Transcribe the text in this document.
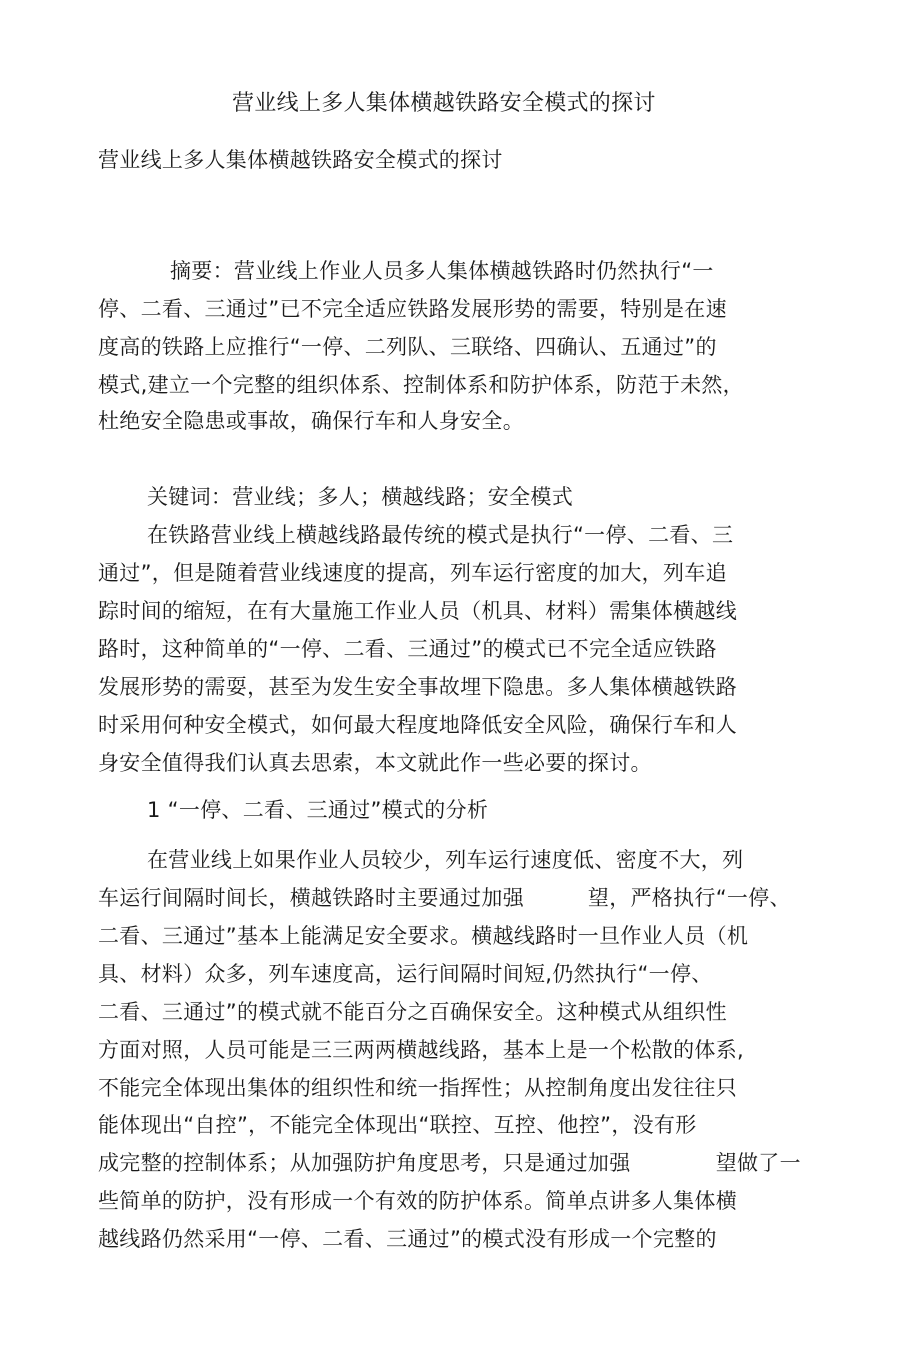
营业线上多人集体横越铁路安全模式的探讨
营业线上多人集体横越铁路安全模式的探讨
摘要：营业线上作业人员多人集体横越铁路时仍然执行“一
停、二看、三通过”已不完全适应铁路发展形势的需要，特别是在速
度高的铁路上应推行“一停、二列队、三联络、四确认、五通过”的
模式,建立一个完整的组织体系、控制体系和防护体系，防范于未然，
杜绝安全隐患或事故，确保行车和人身安全。
关键词：营业线；多人；横越线路；安全模式
在铁路营业线上横越线路最传统的模式是执行“一停、二看、三
通过”，但是随着营业线速度的提高，列车运行密度的加大，列车追
踪时间的缩短，在有大量施工作业人员（机具、材料）需集体横越线
路时，这种简单的“一停、二看、三通过”的模式已不完全适应铁路
发展形势的需耍，甚至为发生安全事故埋下隐患。多人集体横越铁路
时采用何种安全模式，如何最大程度地降低安全风险，确保行车和人
身安全值得我们认真去思索，本文就此作一些必要的探讨。
1 “一停、二看、三通过”模式的分析
在营业线上如果作业人员较少，列车运行速度低、密度不大，列
车运行间隔时间长，横越铁路时主要通过加强　　　望，严格执行“一停、
二看、三通过”基本上能满足安全要求。横越线路时一旦作业人员（机
具、材料）众多，列车速度高，运行间隔时间短,仍然执行“一停、
二看、三通过”的模式就不能百分之百确保安全。这种模式从组织性
方面对照，人员可能是三三两两横越线路，基本上是一个松散的体系,
不能完全体现出集体的组织性和统一指挥性；从控制角度出发往往只
能体现出“自控”，不能完全体现出“联控、互控、他控”，没有形
成完整的控制体系；从加强防护角度思考，只是通过加强　　　　望做了一
些简单的防护，没有形成一个有效的防护体系。简单点讲多人集体横
越线路仍然采用“一停、二看、三通过”的模式没有形成一个完整的
